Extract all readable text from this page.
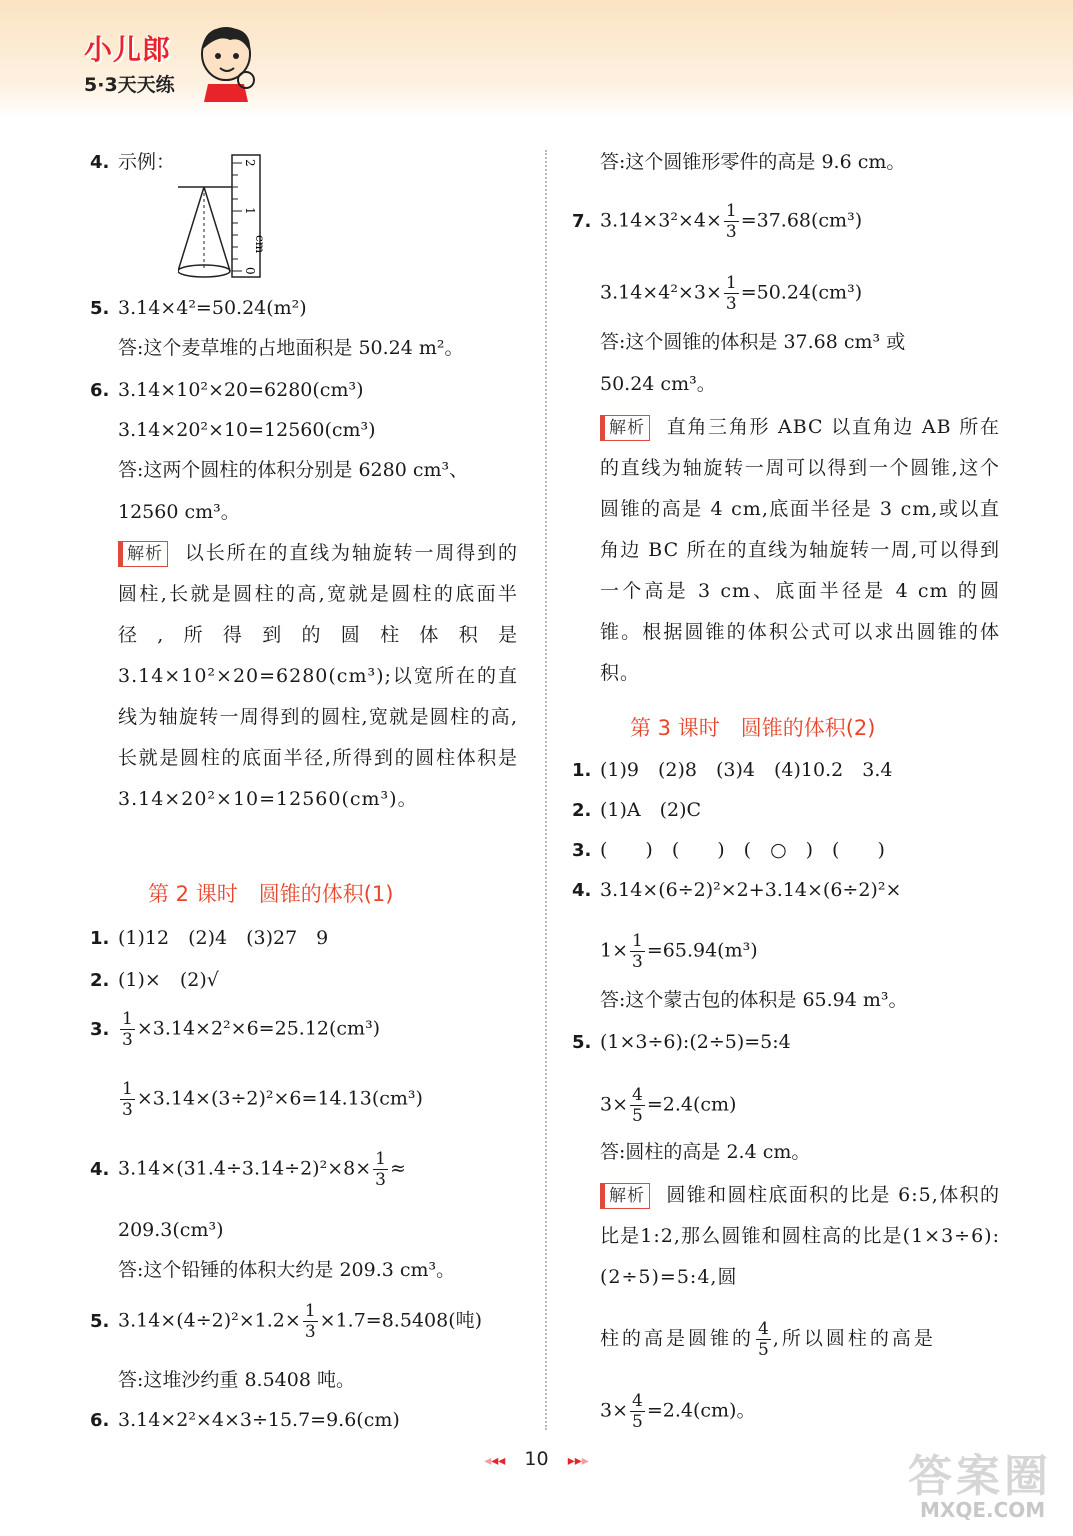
小儿郎
5·3天天练
4. 示例：	2
1
cm
0
5. 3.14×4²=50.24(m²)
答:这个麦草堆的占地面积是 50.24 m²。
6. 3.14×10²×20=6280(cm³)
3.14×20²×10=12560(cm³)
答:这两个圆柱的体积分别是 6280 cm³、
12560 cm³。
解析 以长所在的直线为轴旋转一周得到的圆柱,长就是圆柱的高,宽就是圆柱的底面半径,所得到的圆柱体积是 3.14×10²×20=6280(cm³);以宽所在的直线为轴旋转一周得到的圆柱,宽就是圆柱的高,长就是圆柱的底面半径,所得到的圆柱体积是 3.14×20²×10=12560(cm³)。
第 2 课时　圆锥的体积(1)
1. (1)12　(2)4　(3)27　9
2. (1)×　(2)√
3. $\frac{1}{3} \times 3.14\times 2^2\times 6=25.12(cm^3)$
$\frac{1}{3} \times 3.14\times(3\div 2)^2\times 6=14.13(cm^3)$
4. $3.14\times(31.4\div 3.14\div 2)^2\times 8\times \frac{1}{3}$ ≈
209.3(cm³)
答:这个铅锤的体积大约是 209.3 cm³。
5. $3.14\times(4\div 2)^2\times 1.2\times \frac{1}{3} \times 1.7=8.5408$(吨)
答:这堆沙约重 8.5408 吨。
6. 3.14×2²×4×3÷15.7=9.6(cm)
答:这个圆锥形零件的高是 9.6 cm。
7. $3.14\times 3^2\times 4\times \frac{1}{3} =37.68(cm^3)$
$3.14\times 4^2\times 3\times \frac{1}{3} =50.24(cm^3)$
答:这个圆锥的体积是 37.68 cm³ 或
50.24 cm³。
解析 直角三角形 ABC 以直角边 AB 所在的直线为轴旋转一周可以得到一个圆锥,这个圆锥的高是 4 cm,底面半径是 3 cm,或以直角边 BC 所在的直线为轴旋转一周,可以得到一个高是 3 cm、底面半径是 4 cm 的圆锥。根据圆锥的体积公式可以求出圆锥的体积。
第 3 课时　圆锥的体积(2)
1. (1)9　(2)8　(3)4　(4)10.2　3.4
2. (1)A　(2)C
3. (　　)　(　　)　(　○　)　(　　)
4. 3.14×(6÷2)²×2+3.14×(6÷2)²×
$1\times \frac{1}{3} =65.94(m^3)$
答:这个蒙古包的体积是 65.94 m³。
5. (1×3÷6):(2÷5)=5:4
$3\times \frac{4}{5} =2.4(cm)$
答:圆柱的高是 2.4 cm。
解析 圆锥和圆柱底面积的比是 6:5,体积的比是1:2,那么圆锥和圆柱高的比是(1×3÷6):(2÷5)=5:4,圆
柱的高是圆锥的 $\frac{4}{5}$ ,所以圆柱的高是
$3\times \frac{4}{5} =2.4(cm)$。
◂◂◂ 10 ▸▸▸	答案圈
MXQE.COM
